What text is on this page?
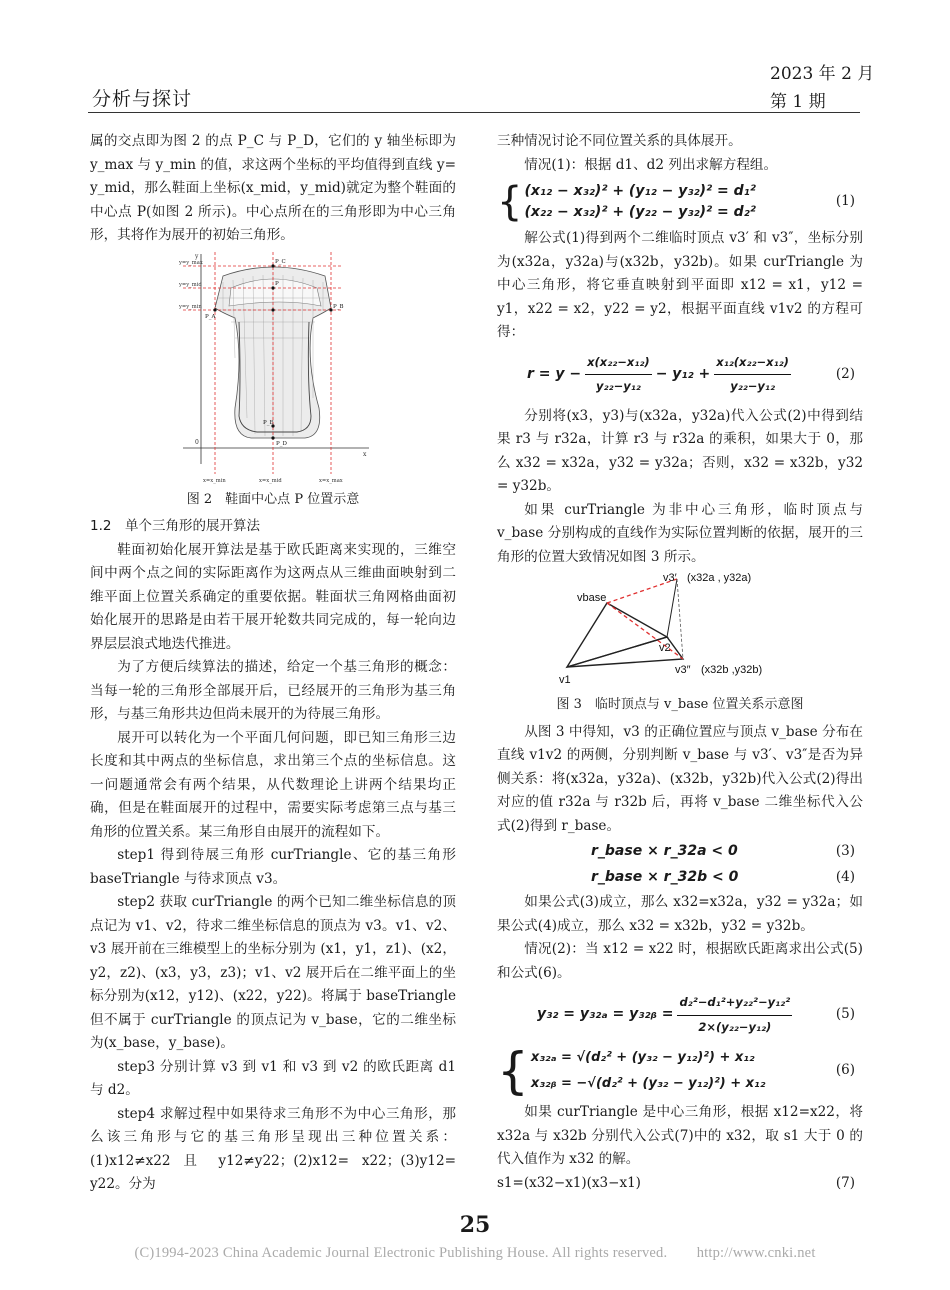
分析与探讨
2023 年 2 月
第 1 期

属的交点即为图 2 的点 P_C 与 P_D，它们的 y 轴坐标即为 y_max 与 y_min 的值，求这两个坐标的平均值得到直线 y= y_mid，那么鞋面上坐标(x_mid，y_mid)就定为整个鞋面的中心点 P(如图 2 所示)。中心点所在的三角形即为中心三角形，其将作为展开的初始三角形。

y
x
0
y=y_max
y=y_mid
y=y_min
x=x_min	x=x_mid	x=x_max
P_C
P
P_A
P_B
P_E
P_D
图 2　鞋面中心点 P 位置示意

1.2　单个三角形的展开算法

鞋面初始化展开算法是基于欧氏距离来实现的，三维空间中两个点之间的实际距离作为这两点从三维曲面映射到二维平面上位置关系确定的重要依据。鞋面状三角网格曲面初始化展开的思路是由若干展开轮数共同完成的，每一轮向边界层层浪式地迭代推进。

为了方便后续算法的描述，给定一个基三角形的概念：当每一轮的三角形全部展开后，已经展开的三角形为基三角形，与基三角形共边但尚未展开的为待展三角形。

展开可以转化为一个平面几何问题，即已知三角形三边长度和其中两点的坐标信息，求出第三个点的坐标信息。这一问题通常会有两个结果，从代数理论上讲两个结果均正确，但是在鞋面展开的过程中，需要实际考虑第三点与基三角形的位置关系。某三角形自由展开的流程如下。

step1 得到待展三角形 curTriangle、它的基三角形 baseTriangle 与待求顶点 v3。

step2 获取 curTriangle 的两个已知二维坐标信息的顶点记为 v1、v2，待求二维坐标信息的顶点为 v3。v1、v2、v3 展开前在三维模型上的坐标分别为 (x1，y1，z1)、(x2，y2，z2)、(x3，y3，z3)；v1、v2 展开后在二维平面上的坐标分别为(x12，y12)、(x22，y22)。将属于 baseTriangle 但不属于 curTriangle 的顶点记为 v_base，它的二维坐标为(x_base，y_base)。

step3 分别计算 v3 到 v1 和 v3 到 v2 的欧氏距离 d1 与 d2。

step4 求解过程中如果待求三角形不为中心三角形，那么该三角形与它的基三角形呈现出三种位置关系：(1)x12≠x22 且 y12≠y22；(2)x12= x22；(3)y12= y22。分为

三种情况讨论不同位置关系的具体展开。

情况(1)：根据 d1、d2 列出求解方程组。

{ (x₁₂ − x₃₂)² + (y₁₂ − y₃₂)² = d₁²
(x₂₂ − x₃₂)² + (y₂₂ − y₃₂)² = d₂²
(1)

解公式(1)得到两个二维临时顶点 v3′ 和 v3″，坐标分别为(x32a，y32a)与(x32b，y32b)。如果 curTriangle 为中心三角形，将它垂直映射到平面即 x12 = x1，y12 = y1，x22 = x2，y22 = y2，根据平面直线 v1v2 的方程可得：

$r = y - \frac{\text{x(x₂₂−x₁₂)}}{\text{y₂₂−y₁₂}} - y_{12} + \frac{\text{x₁₂(x₂₂−x₁₂)}}{\text{y₂₂−y₁₂}}$	(2)

分别将(x3，y3)与(x32a，y32a)代入公式(2)中得到结果 r3 与 r32a，计算 r3 与 r32a 的乘积，如果大于 0，那么 x32 = x32a，y32 = y32a；否则，x32 = x32b，y32 = y32b。

如果 curTriangle 为非中心三角形，临时顶点与 v_base 分别构成的直线作为实际位置判断的依据，展开的三角形的位置大致情况如图 3 所示。

vbase
v1
v2
v3′ (x32a , y32a)
v3″ (x32b ,y32b)
图 3　临时顶点与 v_base 位置关系示意图

从图 3 中得知，v3 的正确位置应与顶点 v_base 分布在直线 v1v2 的两侧，分别判断 v_base 与 v3′、v3″是否为异侧关系：将(x32a，y32a)、(x32b，y32b)代入公式(2)得出对应的值 r32a 与 r32b 后，再将 v_base 二维坐标代入公式(2)得到 r_base。

r_base × r_32a < 0	(3)
r_base × r_32b < 0	(4)

如果公式(3)成立，那么 x32=x32a，y32 = y32a；如果公式(4)成立，那么 x32 = x32b，y32 = y32b。

情况(2)：当 x12 = x22 时，根据欧氏距离求出公式(5)和公式(6)。

y₃₂ = y₃₂ₐ = y₃₂ᵦ = $\frac{\text{d₂²−d₁²+y₂₂²−y₁₂²}}{\text{2×(y₂₂−y₁₂)}}$	(5)
{ x₃₂ₐ = √(d₂² + (y₃₂ − y₁₂)²) + x₁₂
x₃₂ᵦ = −√(d₂² + (y₃₂ − y₁₂)²) + x₁₂
(6)

如果 curTriangle 是中心三角形，根据 x12=x22，将 x32a 与 x32b 分别代入公式(7)中的 x32，取 s1 大于 0 的代入值作为 x32 的解。

s1=(x32−x1)(x3−x1)	(7)
25
(C)1994-2023 China Academic Journal Electronic Publishing House. All rights reserved.　　http://www.cnki.net
